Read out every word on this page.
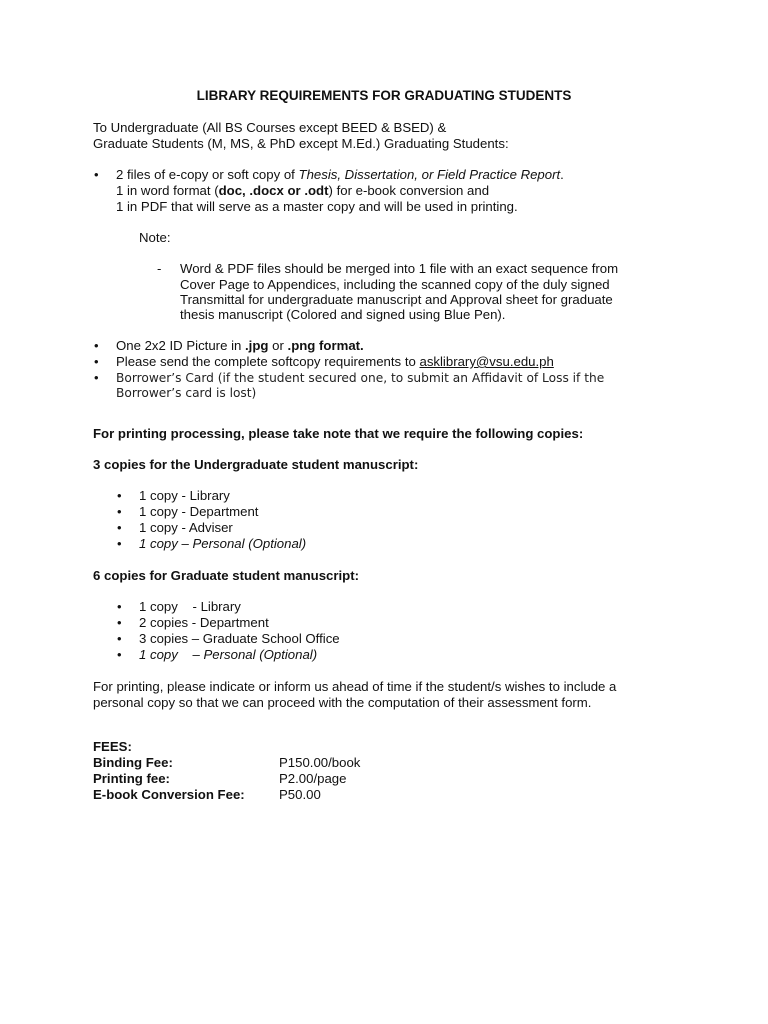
LIBRARY REQUIREMENTS FOR GRADUATING STUDENTS
To Undergraduate (All BS Courses except BEED & BSED) &
Graduate Students (M, MS, & PhD except M.Ed.) Graduating Students:
• 2 files of e-copy or soft copy of Thesis, Dissertation, or Field Practice Report.
1 in word format (doc, .docx or .odt) for e-book conversion and
1 in PDF that will serve as a master copy and will be used in printing.
Note:
- Word & PDF files should be merged into 1 file with an exact sequence from
Cover Page to Appendices, including the scanned copy of the duly signed
Transmittal for undergraduate manuscript and Approval sheet for graduate
thesis manuscript (Colored and signed using Blue Pen).
• One 2x2 ID Picture in .jpg or .png format.
• Please send the complete softcopy requirements to asklibrary@vsu.edu.ph
• Borrower’s Card (if the student secured one, to submit an Affidavit of Loss if the
Borrower’s card is lost)
For printing processing, please take note that we require the following copies:
3 copies for the Undergraduate student manuscript:
• 1 copy - Library
• 1 copy - Department
• 1 copy - Adviser
• 1 copy – Personal (Optional)
6 copies for Graduate student manuscript:
• 1 copy    - Library
• 2 copies - Department
• 3 copies – Graduate School Office
• 1 copy    – Personal (Optional)
For printing, please indicate or inform us ahead of time if the student/s wishes to include a
personal copy so that we can proceed with the computation of their assessment form.
FEES:
Binding Fee:	P150.00/book
Printing fee:	P2.00/page
E-book Conversion Fee:	P50.00
